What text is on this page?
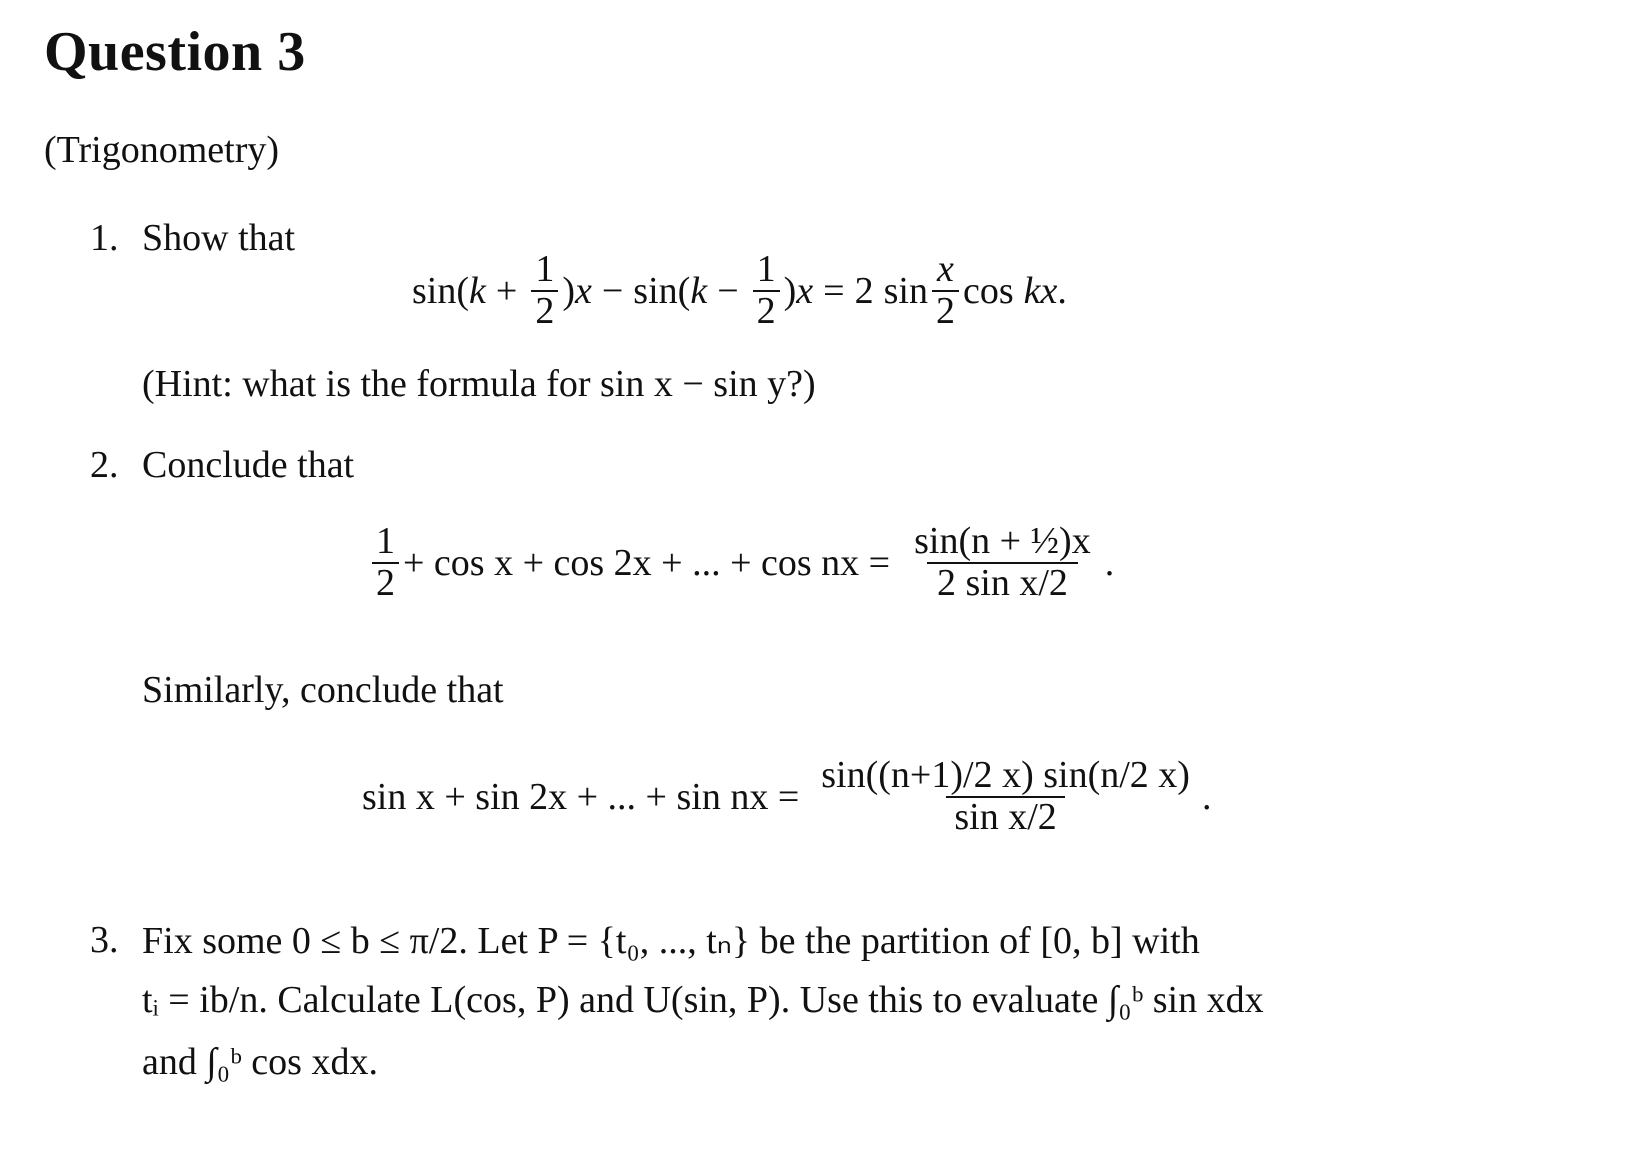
Question 3
(Trigonometry)
1. Show that
sin ( $k + \frac{1}{2}$ ) x − sin ( $k - \frac{1}{2}$ ) x = 2 $\sin \frac{x}{2}$ cos kx .
(Hint: what is the formula for sin x − sin y?)
2. Conclude that
$\frac{1}{2} + \cos x + \cos 2x$ + ... + cos nx = $\frac{\text{sin(n + ½)x}}{\text{2 sin x/2}}$ .
Similarly, conclude that
sin x + sin 2x + ... + sin nx = $\frac{\sin((n+1)/2 x) \sin(n/2 x)}{\text{sin x/2}}$ .
3. Fix some 0 ≤ b ≤ π/2. Let P = {t₀, ..., tₙ} be the partition of [0, b] with
tᵢ = ib/n. Calculate L(cos, P) and U(sin, P). Use this to evaluate ∫₀ᵇ sin xdx
and ∫₀ᵇ cos xdx.
